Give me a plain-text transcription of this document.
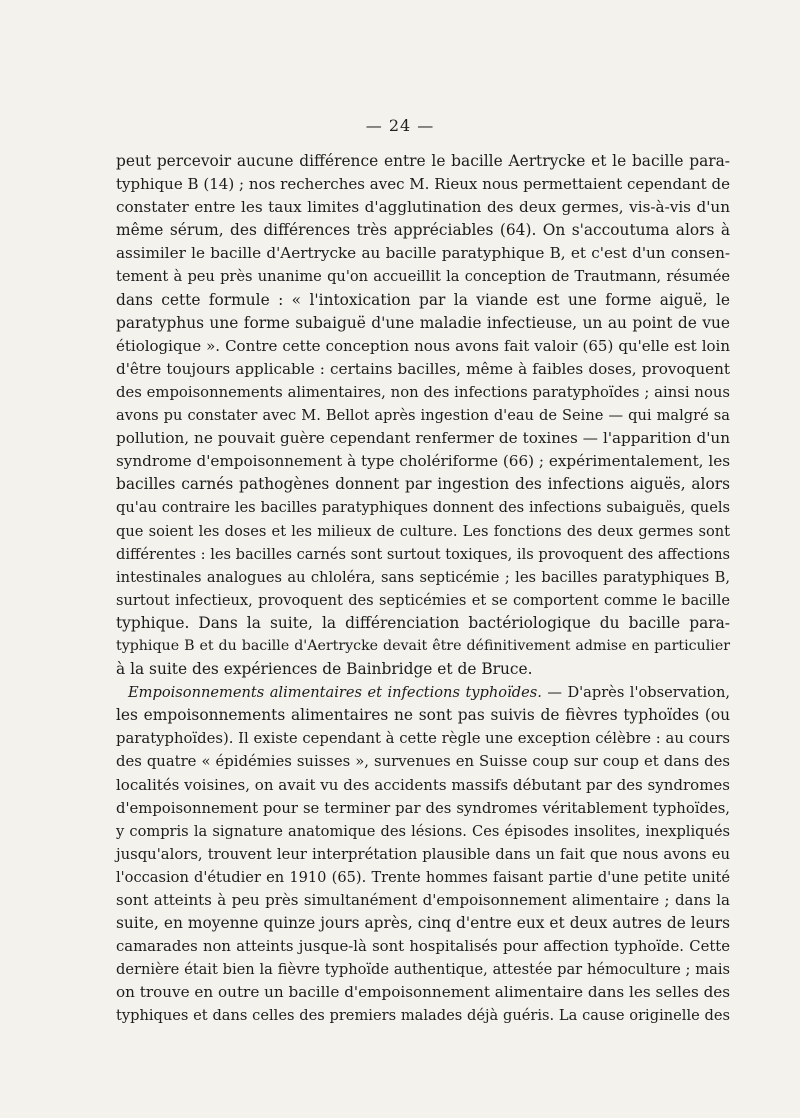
— 24 —
peut percevoir aucune différence entre le bacille Aertrycke et le bacille para-
typhique B (14) ; nos recherches avec M. Rieux nous permettaient cependant de
constater entre les taux limites d'agglutination des deux germes, vis-à-vis d'un
même sérum, des différences très appréciables (64). On s'accoutuma alors à
assimiler le bacille d'Aertrycke au bacille paratyphique B, et c'est d'un consen-
tement à peu près unanime qu'on accueillit la conception de Trautmann, résumée
dans cette formule : « l'intoxication par la viande est une forme aiguë, le
paratyphus une forme subaiguë d'une maladie infectieuse, un au point de vue
étiologique ». Contre cette conception nous avons fait valoir (65) qu'elle est loin
d'être toujours applicable : certains bacilles, même à faibles doses, provoquent
des empoisonnements alimentaires, non des infections paratyphoïdes ; ainsi nous
avons pu constater avec M. Bellot après ingestion d'eau de Seine — qui malgré sa
pollution, ne pouvait guère cependant renfermer de toxines — l'apparition d'un
syndrome d'empoisonnement à type cholériforme (66) ; expérimentalement, les
bacilles carnés pathogènes donnent par ingestion des infections aiguës, alors
qu'au contraire les bacilles paratyphiques donnent des infections subaiguës, quels
que soient les doses et les milieux de culture. Les fonctions des deux germes sont
différentes : les bacilles carnés sont surtout toxiques, ils provoquent des affections
intestinales analogues au chloléra, sans septicémie ; les bacilles paratyphiques B,
surtout infectieux, provoquent des septicémies et se comportent comme le bacille
typhique. Dans la suite, la différenciation bactériologique du bacille para-
typhique B et du bacille d'Aertrycke devait être définitivement admise en particulier
à la suite des expériences de Bainbridge et de Bruce.
Empoisonnements alimentaires et infections typhoïdes. — D'après l'observation,
les empoisonnements alimentaires ne sont pas suivis de fièvres typhoïdes (ou
paratyphoïdes). Il existe cependant à cette règle une exception célèbre : au cours
des quatre « épidémies suisses », survenues en Suisse coup sur coup et dans des
localités voisines, on avait vu des accidents massifs débutant par des syndromes
d'empoisonnement pour se terminer par des syndromes véritablement typhoïdes,
y compris la signature anatomique des lésions. Ces épisodes insolites, inexpliqués
jusqu'alors, trouvent leur interprétation plausible dans un fait que nous avons eu
l'occasion d'étudier en 1910 (65). Trente hommes faisant partie d'une petite unité
sont atteints à peu près simultanément d'empoisonnement alimentaire ; dans la
suite, en moyenne quinze jours après, cinq d'entre eux et deux autres de leurs
camarades non atteints jusque-là sont hospitalisés pour affection typhoïde. Cette
dernière était bien la fièvre typhoïde authentique, attestée par hémoculture ; mais
on trouve en outre un bacille d'empoisonnement alimentaire dans les selles des
typhiques et dans celles des premiers malades déjà guéris. La cause originelle des
